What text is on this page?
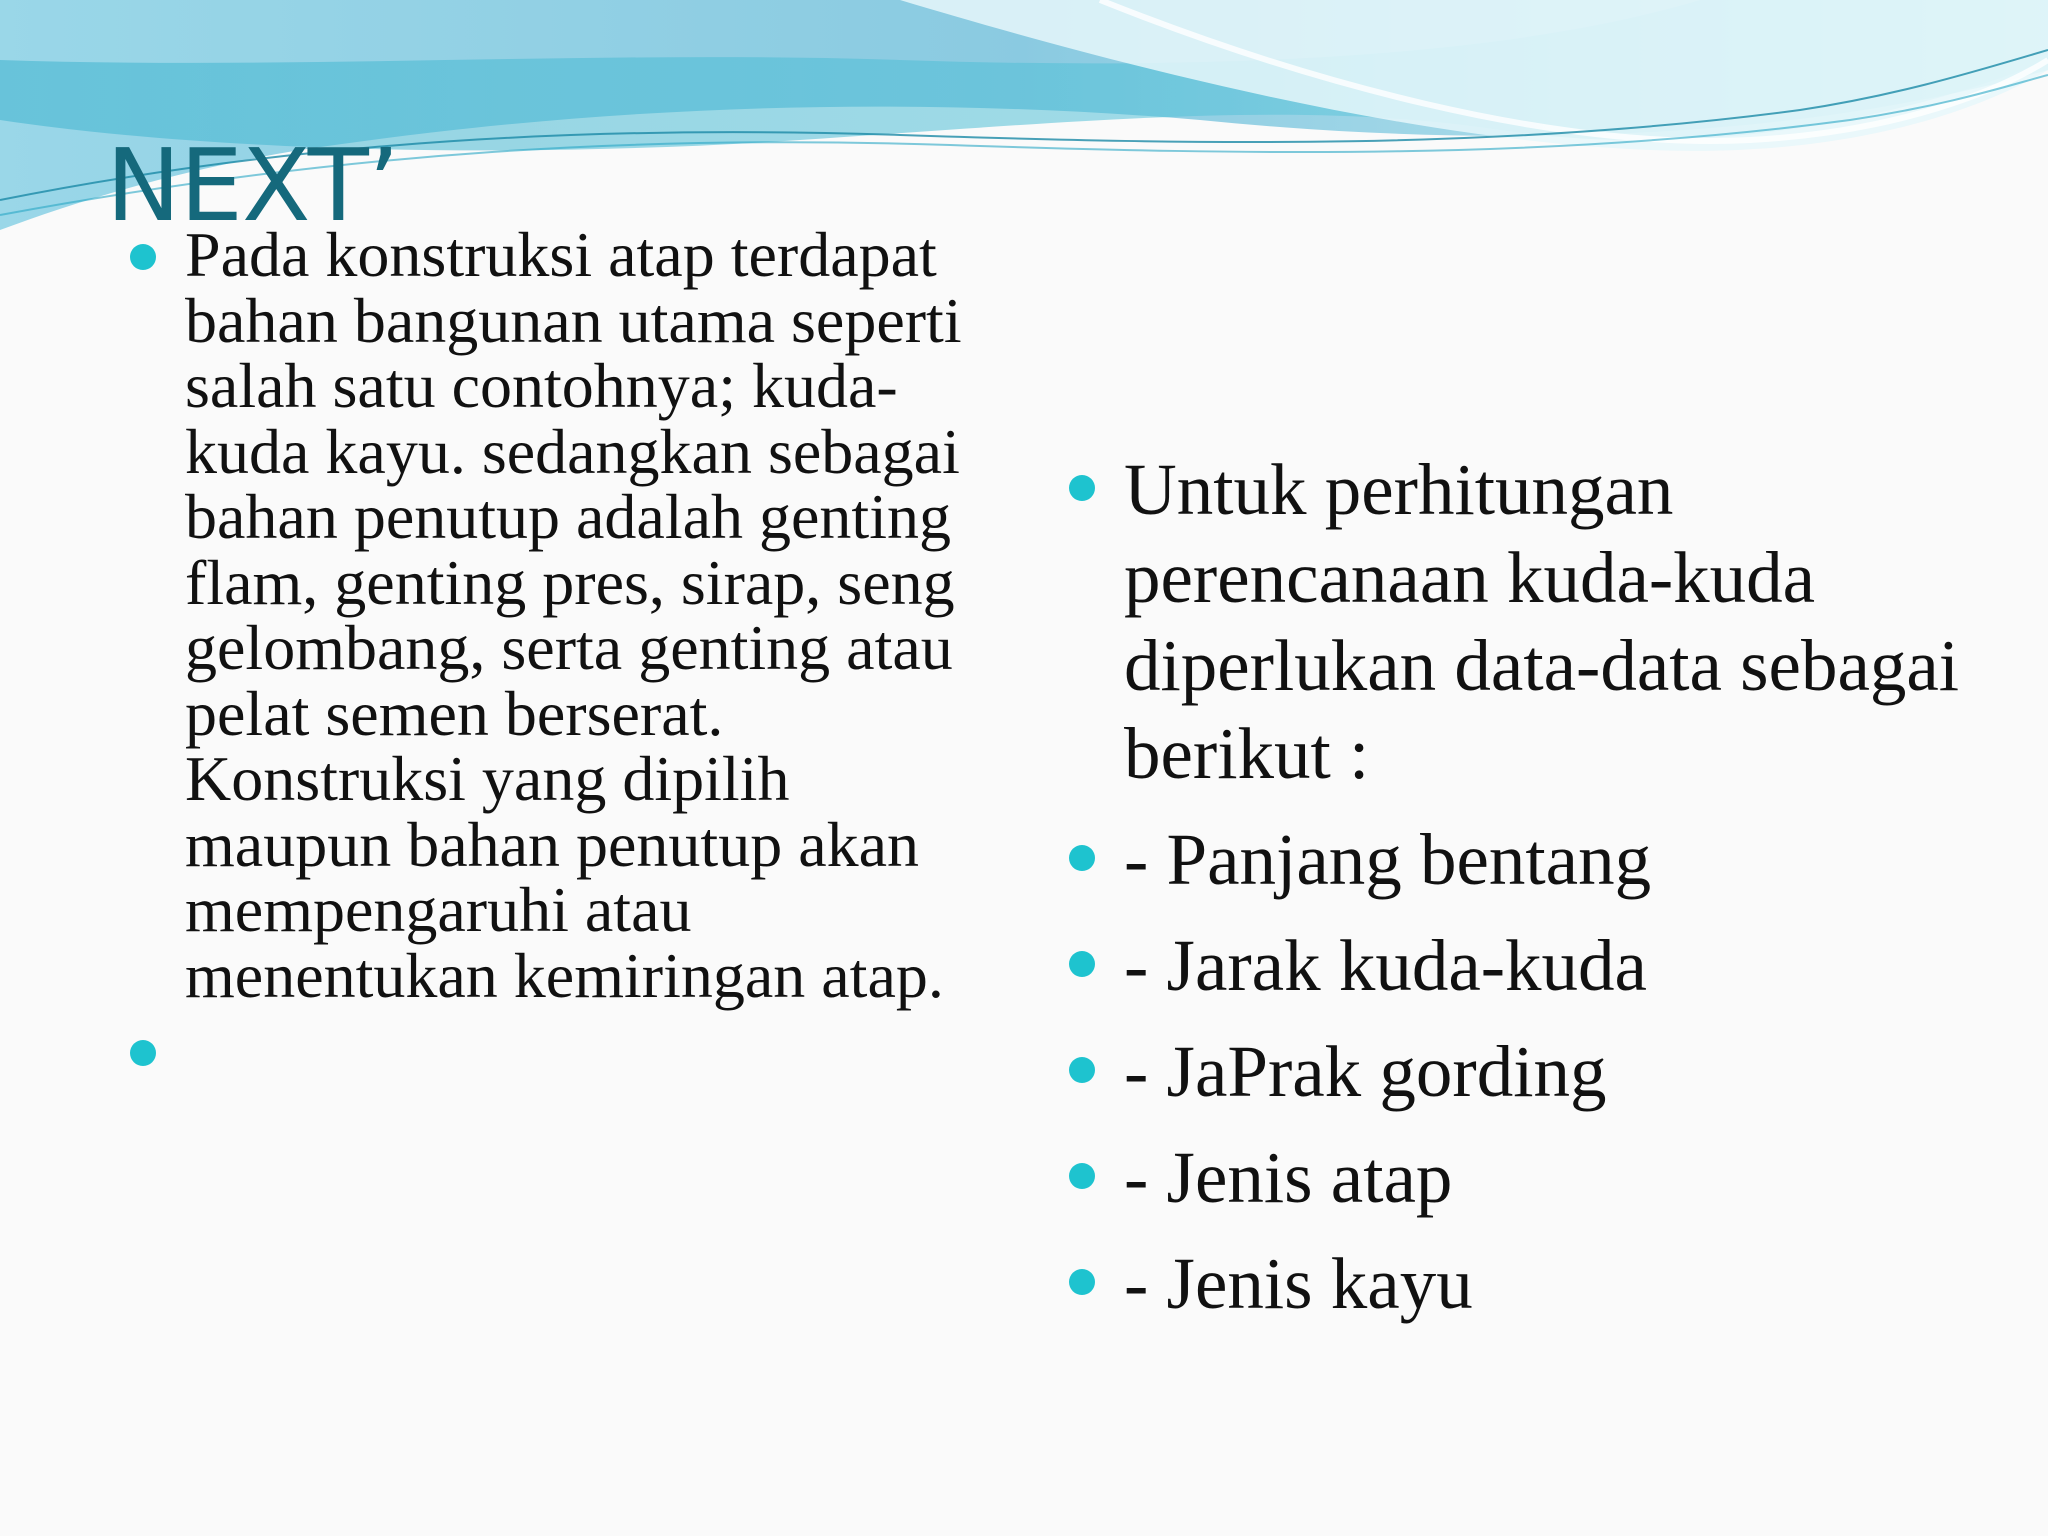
NEXT’
Pada konstruksi atap terdapat bahan bangunan utama seperti salah satu contohnya; kuda-kuda kayu. sedangkan sebagai bahan penutup adalah genting flam, genting pres, sirap, seng gelombang, serta genting atau pelat semen berserat. Konstruksi yang dipilih maupun bahan penutup akan mempengaruhi atau menentukan kemiringan atap.
Untuk perhitungan perencanaan kuda-kuda diperlukan data-data sebagai berikut :
- Panjang bentang
- Jarak kuda-kuda
- JaPrak gording
- Jenis atap
- Jenis kayu
